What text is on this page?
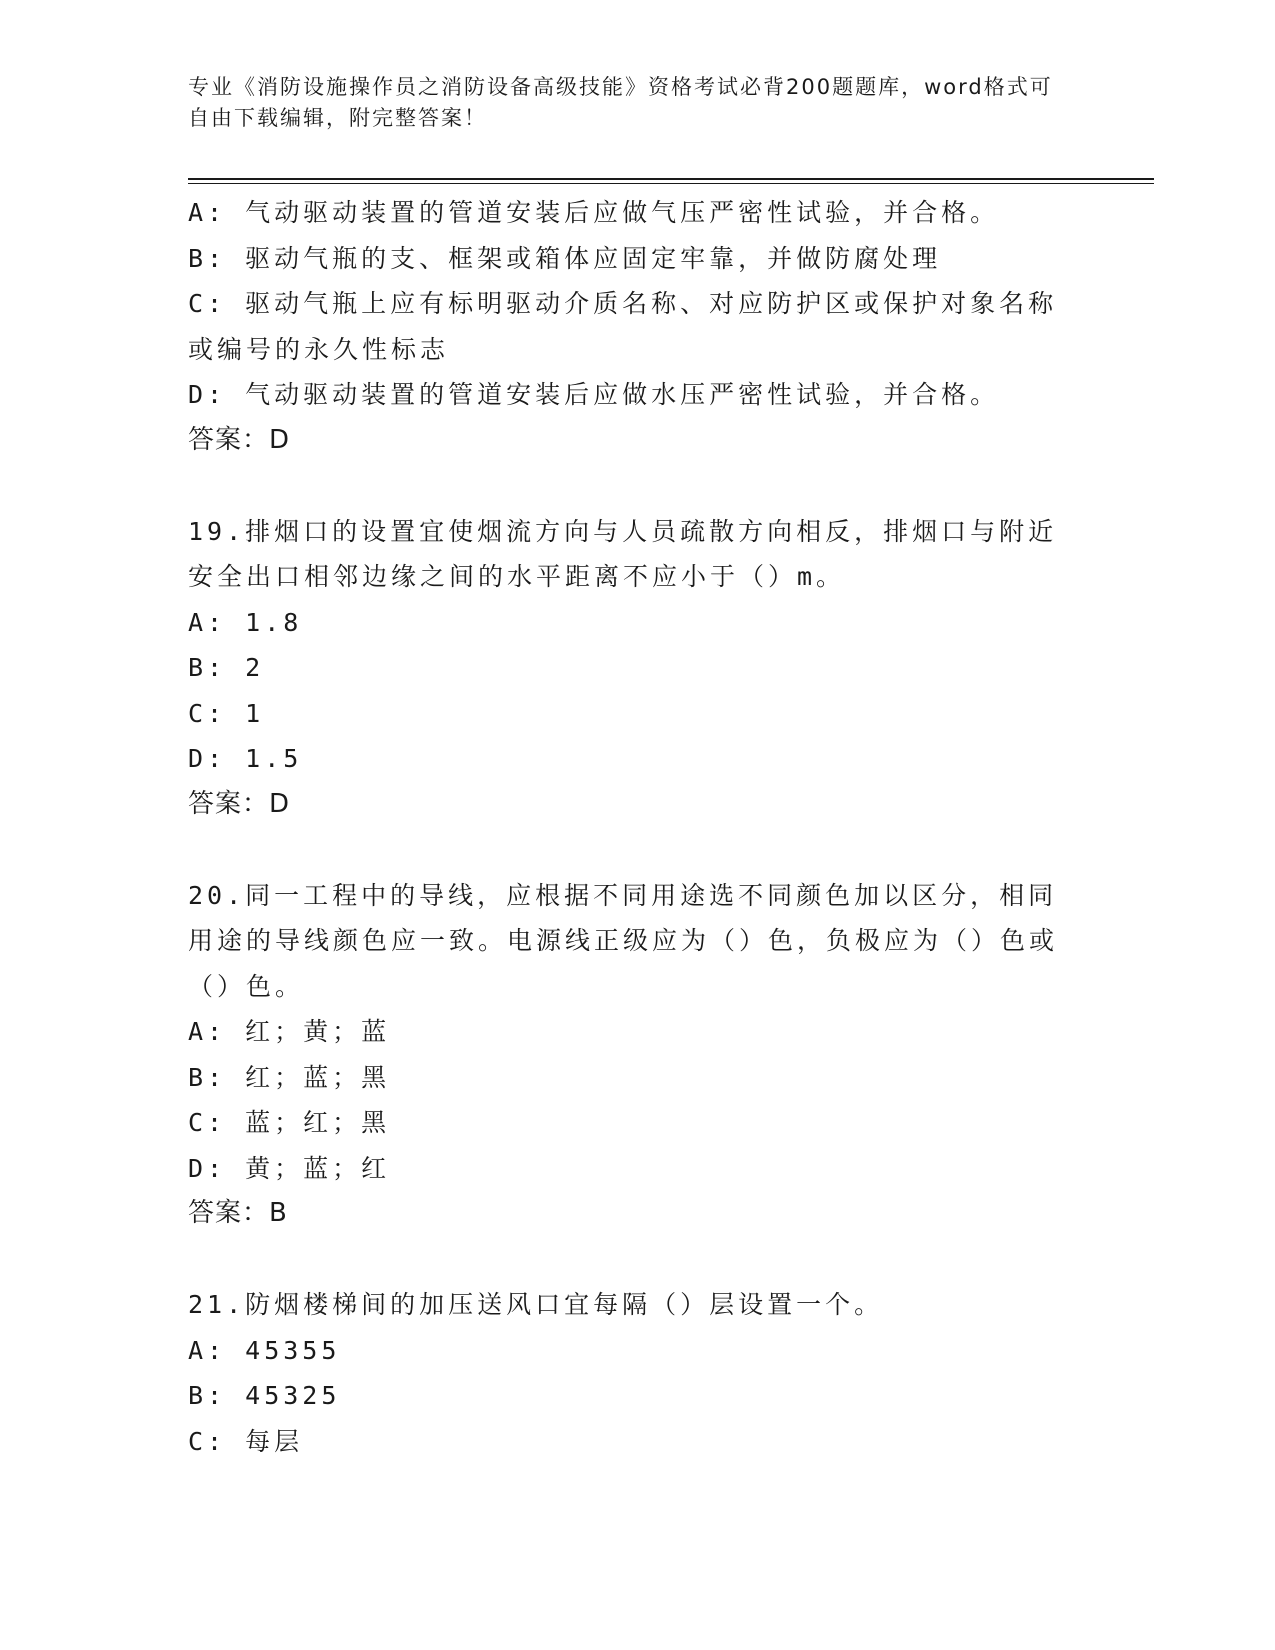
专业《消防设施操作员之消防设备高级技能》资格考试必背200题题库，word格式可自由下载编辑，附完整答案！

A: 气动驱动装置的管道安装后应做气压严密性试验，并合格。

B: 驱动气瓶的支、框架或箱体应固定牢靠，并做防腐处理

C: 驱动气瓶上应有标明驱动介质名称、对应防护区或保护对象名称或编号的永久性标志

D: 气动驱动装置的管道安装后应做水压严密性试验，并合格。

答案：D

19.排烟口的设置宜使烟流方向与人员疏散方向相反，排烟口与附近安全出口相邻边缘之间的水平距离不应小于（）m。

A: 1.8

B: 2

C: 1

D: 1.5

答案：D

20.同一工程中的导线，应根据不同用途选不同颜色加以区分，相同用途的导线颜色应一致。电源线正级应为（）色，负极应为（）色或（）色。

A: 红；黄；蓝

B: 红；蓝；黑

C: 蓝；红；黑

D: 黄；蓝；红

答案：B

21.防烟楼梯间的加压送风口宜每隔（）层设置一个。

A: 45355

B: 45325

C: 每层
